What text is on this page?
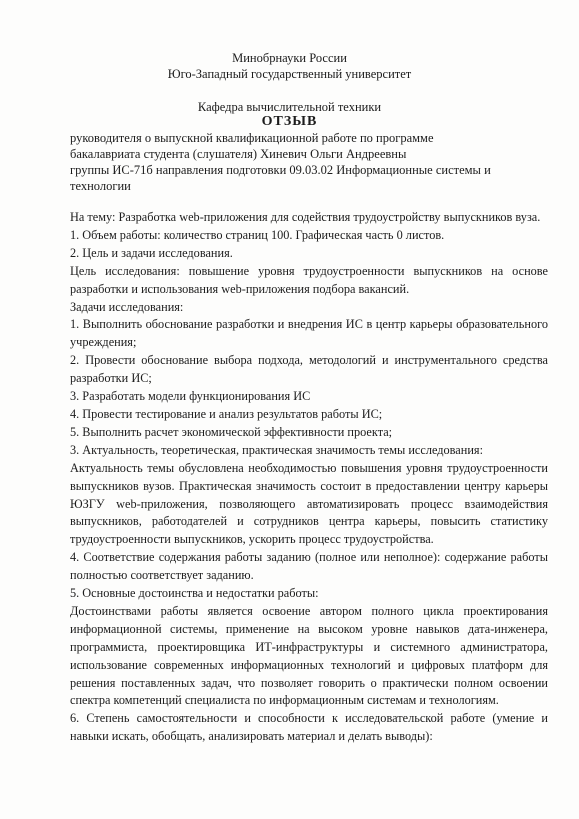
Минобрнауки России
Юго-Западный государственный университет
Кафедра вычислительной техники
ОТЗЫВ
руководителя о выпускной квалификационной работе по программе
бакалавриата студента (слушателя) Хиневич Ольги Андреевны
группы ИС-71б направления подготовки 09.03.02 Информационные системы и
технологии
На тему: Разработка web-приложения для содействия трудоустройству выпускников вуза.
1. Объем работы: количество страниц 100. Графическая часть 0 листов.
2. Цель и задачи исследования.
Цель исследования: повышение уровня трудоустроенности выпускников на основе разработки и использования web-приложения подбора вакансий.
Задачи исследования:
1. Выполнить обоснование разработки и внедрения ИС в центр карьеры образовательного учреждения;
2. Провести обоснование выбора подхода, методологий и инструментального средства разработки ИС;
3. Разработать модели функционирования ИС
4. Провести тестирование и анализ результатов работы ИС;
5. Выполнить расчет экономической эффективности проекта;
3. Актуальность, теоретическая, практическая значимость темы исследования:
Актуальность темы обусловлена необходимостью повышения уровня трудоустроенности выпускников вузов. Практическая значимость состоит в предоставлении центру карьеры ЮЗГУ web-приложения, позволяющего автоматизировать процесс взаимодействия выпускников, работодателей и сотрудников центра карьеры, повысить статистику трудоустроенности выпускников, ускорить процесс трудоустройства.
4. Соответствие содержания работы заданию (полное или неполное): содержание работы полностью соответствует заданию.
5. Основные достоинства и недостатки работы:
Достоинствами работы является освоение автором полного цикла проектирования информационной системы, применение на высоком уровне навыков дата-инженера, программиста, проектировщика ИТ-инфраструктуры и системного администратора, использование современных информационных технологий и цифровых платформ для решения поставленных задач, что позволяет говорить о практически полном освоении спектра компетенций специалиста по информационным системам и технологиям.
6. Степень самостоятельности и способности к исследовательской работе (умение и навыки искать, обобщать, анализировать материал и делать выводы):
